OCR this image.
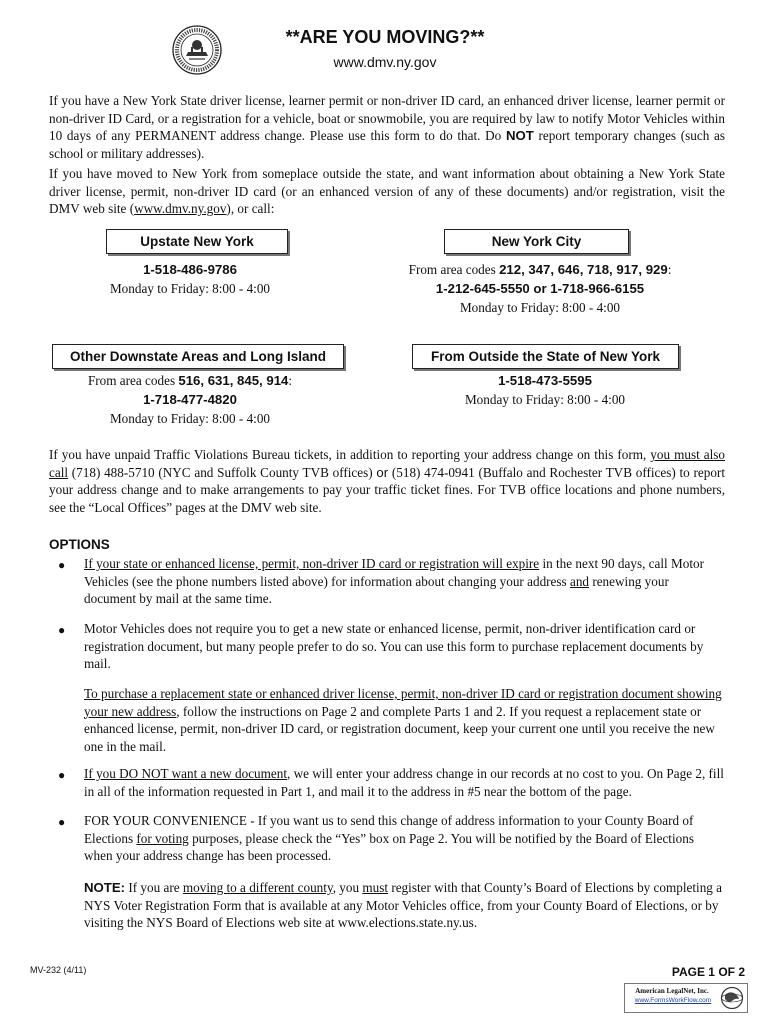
**ARE YOU MOVING?**
www.dmv.ny.gov
If you have a New York State driver license, learner permit or non-driver ID card, an enhanced driver license, learner permit or non-driver ID Card, or a registration for a vehicle, boat or snowmobile, you are required by law to notify Motor Vehicles within 10 days of any PERMANENT address change. Please use this form to do that. Do NOT report temporary changes (such as school or military addresses).
If you have moved to New York from someplace outside the state, and want information about obtaining a New York State driver license, permit, non-driver ID card (or an enhanced version of any of these documents) and/or registration, visit the DMV web site (www.dmv.ny.gov), or call:
Upstate New York	New York City
1-518-486-9786
Monday to Friday: 8:00 - 4:00
From area codes 212, 347, 646, 718, 917, 929:
1-212-645-5550 or 1-718-966-6155
Monday to Friday: 8:00 - 4:00
Other Downstate Areas and Long Island	From Outside the State of New York
From area codes 516, 631, 845, 914:
1-718-477-4820
Monday to Friday: 8:00 - 4:00
1-518-473-5595
Monday to Friday: 8:00 - 4:00
If you have unpaid Traffic Violations Bureau tickets, in addition to reporting your address change on this form, you must also call (718) 488-5710 (NYC and Suffolk County TVB offices) or (518) 474-0941 (Buffalo and Rochester TVB offices) to report your address change and to make arrangements to pay your traffic ticket fines. For TVB office locations and phone numbers, see the “Local Offices” pages at the DMV web site.
OPTIONS
● If your state or enhanced license, permit, non-driver ID card or registration will expire in the next 90 days, call Motor Vehicles (see the phone numbers listed above) for information about changing your address and renewing your document by mail at the same time.
● Motor Vehicles does not require you to get a new state or enhanced license, permit, non-driver identification card or registration document, but many people prefer to do so. You can use this form to purchase replacement documents by mail.
To purchase a replacement state or enhanced driver license, permit, non-driver ID card or registration document showing your new address, follow the instructions on Page 2 and complete Parts 1 and 2. If you request a replacement state or enhanced license, permit, non-driver ID card, or registration document, keep your current one until you receive the new one in the mail.
● If you DO NOT want a new document, we will enter your address change in our records at no cost to you. On Page 2, fill in all of the information requested in Part 1, and mail it to the address in #5 near the bottom of the page.
● FOR YOUR CONVENIENCE - If you want us to send this change of address information to your County Board of Elections for voting purposes, please check the “Yes” box on Page 2. You will be notified by the Board of Elections when your address change has been processed.
NOTE: If you are moving to a different county, you must register with that County’s Board of Elections by completing a NYS Voter Registration Form that is available at any Motor Vehicles office, from your County Board of Elections, or by visiting the NYS Board of Elections web site at www.elections.state.ny.us.
MV-232 (4/11)	PAGE 1 OF 2
American LegalNet, Inc.
www.FormsWorkFlow.com
